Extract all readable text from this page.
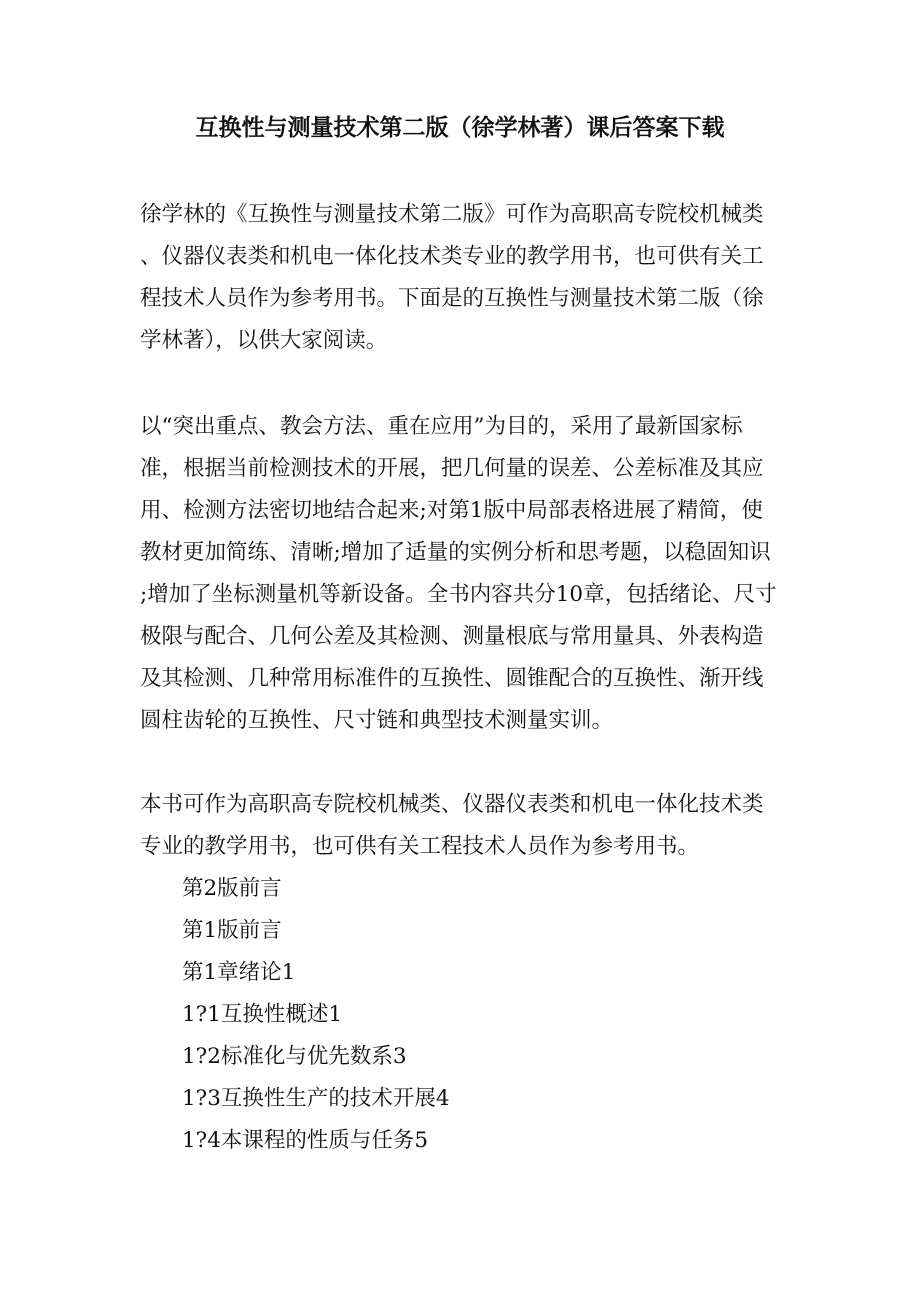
互换性与测量技术第二版（徐学林著）课后答案下载
徐学林的《互换性与测量技术第二版》可作为高职高专院校机械类
、仪器仪表类和机电一体化技术类专业的教学用书，也可供有关工
程技术人员作为参考用书。下面是的互换性与测量技术第二版（徐
学林著），以供大家阅读。
以“突出重点、教会方法、重在应用”为目的，采用了最新国家标
准，根据当前检测技术的开展，把几何量的误差、公差标准及其应
用、检测方法密切地结合起来;对第1版中局部表格进展了精简，使
教材更加简练、清晰;增加了适量的实例分析和思考题，以稳固知识
;增加了坐标测量机等新设备。全书内容共分10章，包括绪论、尺寸
极限与配合、几何公差及其检测、测量根底与常用量具、外表构造
及其检测、几种常用标准件的互换性、圆锥配合的互换性、渐开线
圆柱齿轮的互换性、尺寸链和典型技术测量实训。
本书可作为高职高专院校机械类、仪器仪表类和机电一体化技术类
专业的教学用书，也可供有关工程技术人员作为参考用书。
第2版前言
第1版前言
第1章绪论1
1?1互换性概述1
1?2标准化与优先数系3
1?3互换性生产的技术开展4
1?4本课程的性质与任务5
